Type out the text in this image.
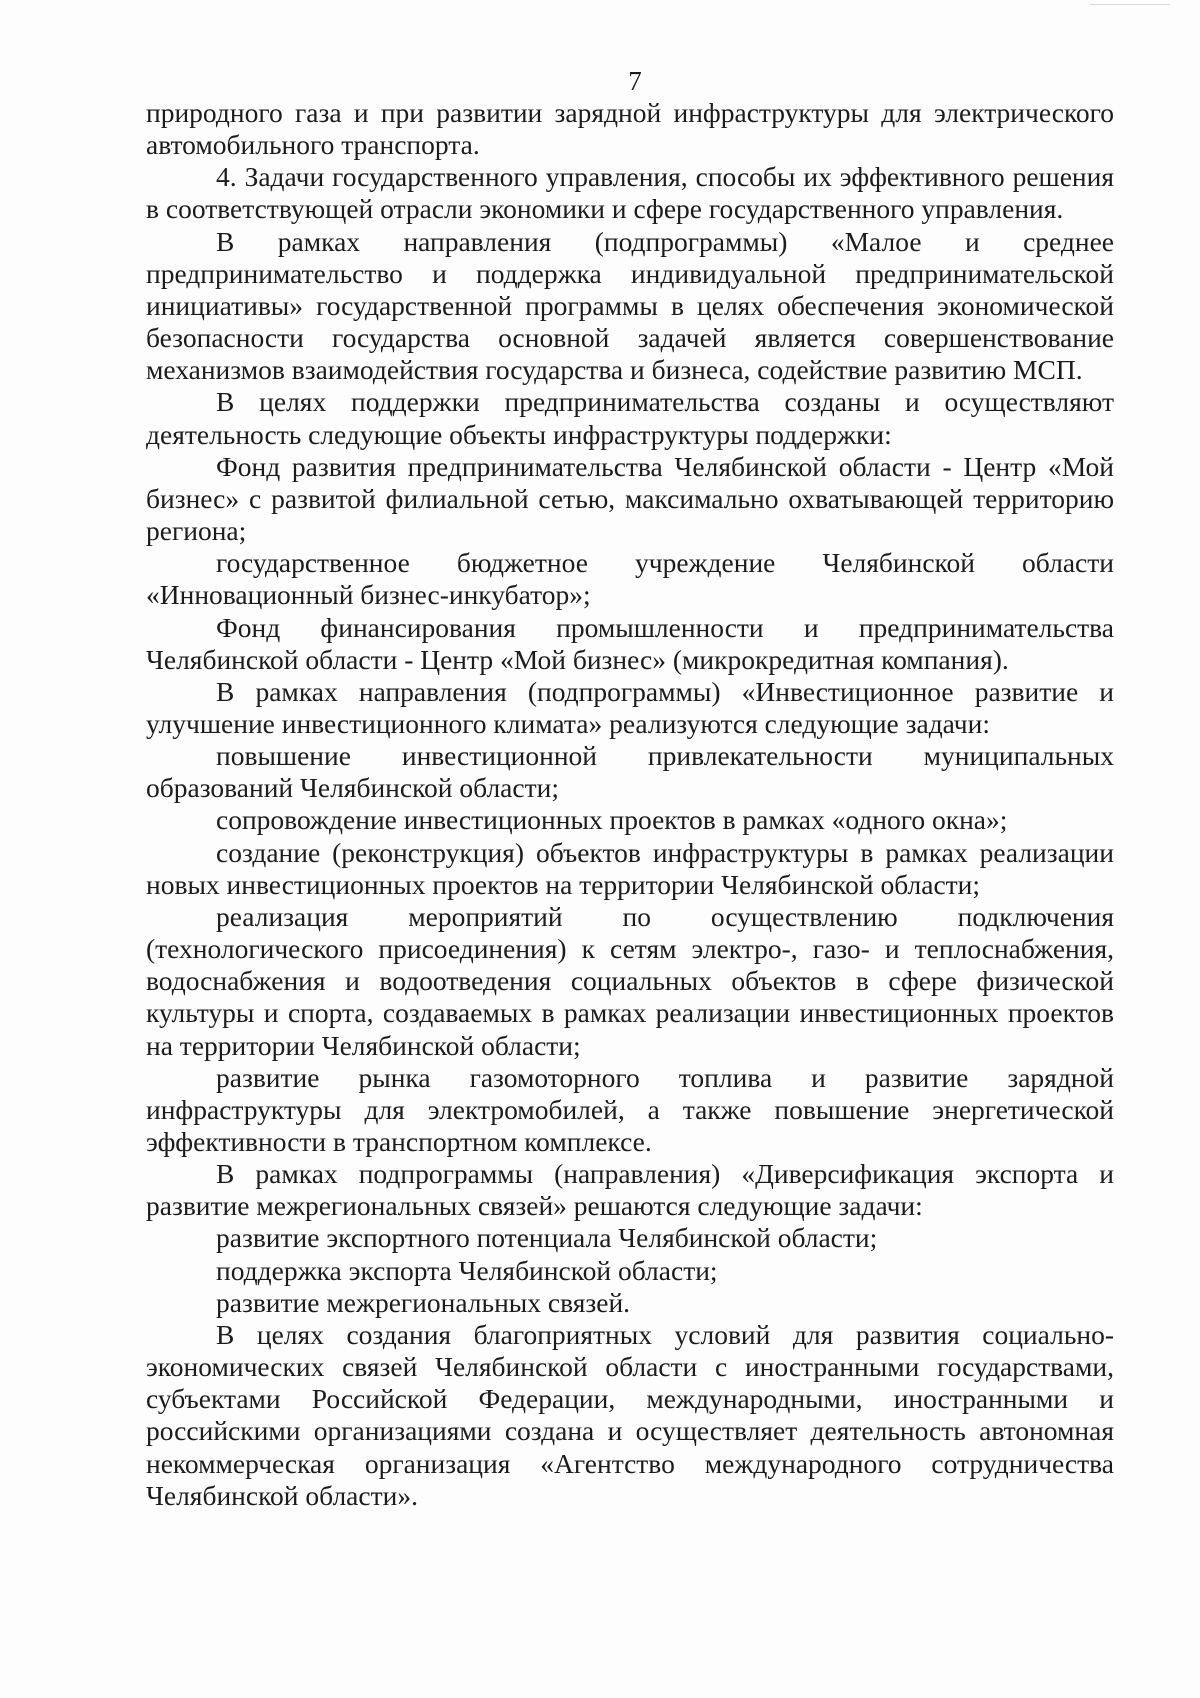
7

природного газа и при развитии зарядной инфраструктуры для электрического автомобильного транспорта.

4. Задачи государственного управления, способы их эффективного решения в соответствующей отрасли экономики и сфере государственного управления.

В рамках направления (подпрограммы) «Малое и среднее предпринимательство и поддержка индивидуальной предпринимательской инициативы» государственной программы в целях обеспечения экономической безопасности государства основной задачей является совершенствование механизмов взаимодействия государства и бизнеса, содействие развитию МСП.

В целях поддержки предпринимательства созданы и осуществляют деятельность следующие объекты инфраструктуры поддержки:

Фонд развития предпринимательства Челябинской области - Центр «Мой бизнес» с развитой филиальной сетью, максимально охватывающей территорию региона;

государственное бюджетное учреждение Челябинской области «Инновационный бизнес-инкубатор»;

Фонд финансирования промышленности и предпринимательства Челябинской области - Центр «Мой бизнес» (микрокредитная компания).

В рамках направления (подпрограммы) «Инвестиционное развитие и улучшение инвестиционного климата» реализуются следующие задачи:

повышение инвестиционной привлекательности муниципальных образований Челябинской области;

сопровождение инвестиционных проектов в рамках «одного окна»;

создание (реконструкция) объектов инфраструктуры в рамках реализации новых инвестиционных проектов на территории Челябинской области;

реализация мероприятий по осуществлению подключения (технологического присоединения) к сетям электро-, газо- и теплоснабжения, водоснабжения и водоотведения социальных объектов в сфере физической культуры и спорта, создаваемых в рамках реализации инвестиционных проектов на территории Челябинской области;

развитие рынка газомоторного топлива и развитие зарядной инфраструктуры для электромобилей, а также повышение энергетической эффективности в транспортном комплексе.

В рамках подпрограммы (направления) «Диверсификация экспорта и развитие межрегиональных связей» решаются следующие задачи:

развитие экспортного потенциала Челябинской области;

поддержка экспорта Челябинской области;

развитие межрегиональных связей.

В целях создания благоприятных условий для развития социально-экономических связей Челябинской области с иностранными государствами, субъектами Российской Федерации, международными, иностранными и российскими организациями создана и осуществляет деятельность автономная некоммерческая организация «Агентство международного сотрудничества Челябинской области».
